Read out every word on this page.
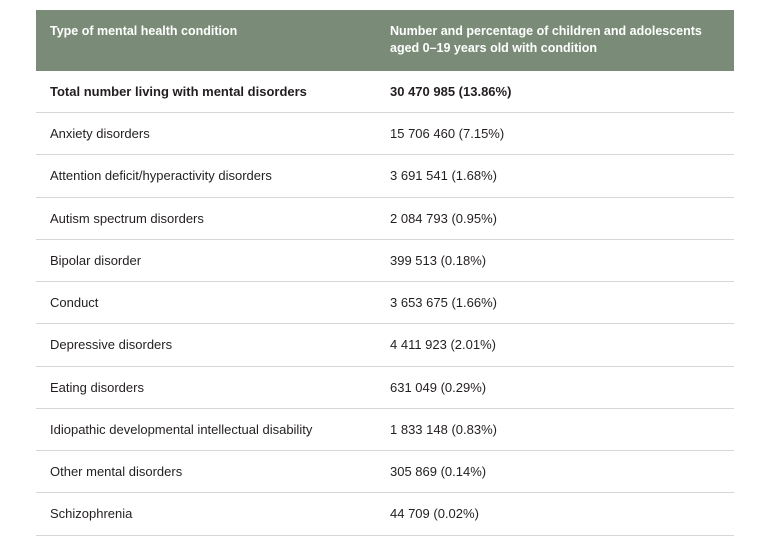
Type of mental health condition	Number and percentage of children and adolescents aged 0–19 years old with condition
Total number living with mental disorders	30 470 985 (13.86%)
Anxiety disorders	15 706 460 (7.15%)
Attention deficit/hyperactivity disorders	3 691 541 (1.68%)
Autism spectrum disorders	2 084 793 (0.95%)
Bipolar disorder	399 513 (0.18%)
Conduct	3 653 675 (1.66%)
Depressive disorders	4 411 923 (2.01%)
Eating disorders	631 049 (0.29%)
Idiopathic developmental intellectual disability	1 833 148 (0.83%)
Other mental disorders	305 869 (0.14%)
Schizophrenia	44 709 (0.02%)
